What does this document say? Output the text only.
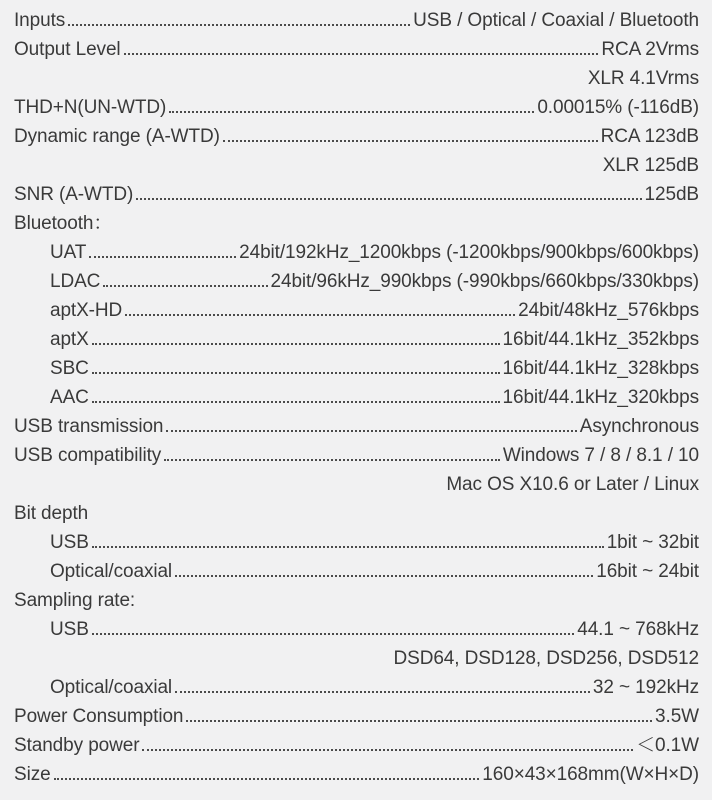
Inputs	USB / Optical / Coaxial / Bluetooth
Output Level	RCA 2Vrms
XLR 4.1Vrms
THD+N(UN-WTD)	0.00015% (-116dB)
Dynamic range (A-WTD)	RCA 123dB
XLR 125dB
SNR (A-WTD)	125dB
Bluetooth：
UAT	24bit/192kHz_1200kbps (-1200kbps/900kbps/600kbps)
LDAC	24bit/96kHz_990kbps (-990kbps/660kbps/330kbps)
aptX-HD	24bit/48kHz_576kbps
aptX	16bit/44.1kHz_352kbps
SBC	16bit/44.1kHz_328kbps
AAC	16bit/44.1kHz_320kbps
USB transmission	Asynchronous
USB compatibility	Windows 7 / 8 / 8.1 / 10
Mac OS X10.6 or Later / Linux
Bit depth
USB	1bit ~ 32bit
Optical/coaxial	16bit ~ 24bit
Sampling rate:
USB	44.1 ~ 768kHz
DSD64, DSD128, DSD256, DSD512
Optical/coaxial	32 ~ 192kHz
Power Consumption	3.5W
Standby power	＜0.1W
Size	160×43×168mm(W×H×D)
